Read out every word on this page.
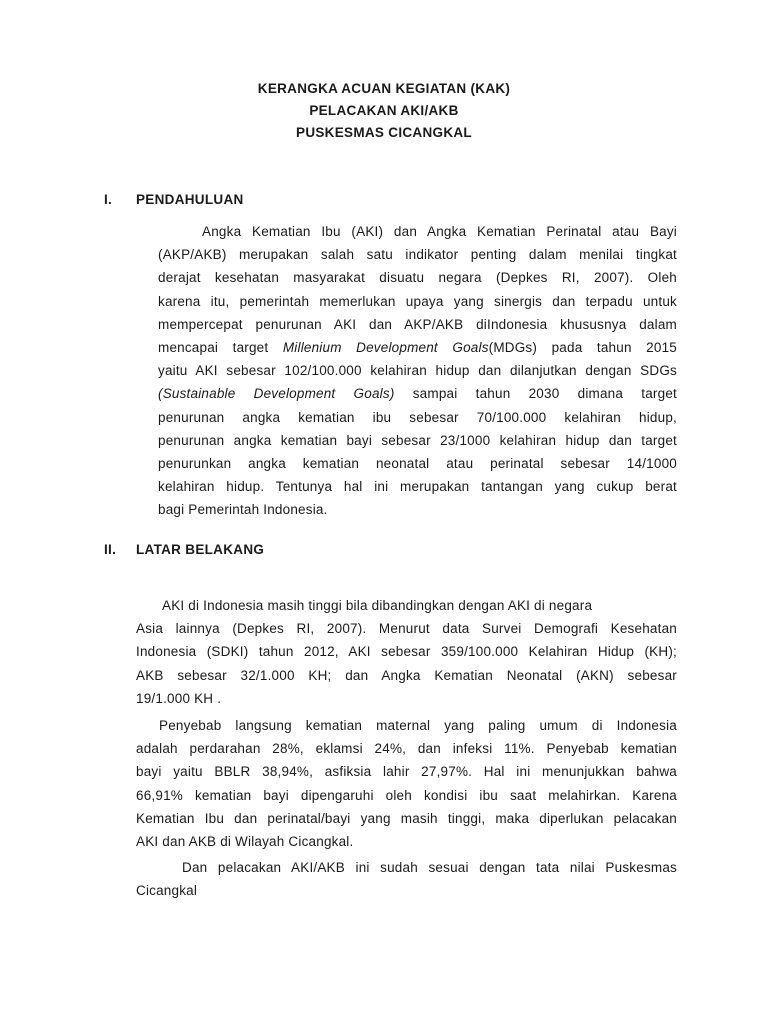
KERANGKA ACUAN KEGIATAN (KAK)
PELACAKAN AKI/AKB
PUSKESMAS CICANGKAL
I.	PENDAHULUAN
Angka Kematian Ibu (AKI) dan Angka Kematian Perinatal atau Bayi
(AKP/AKB) merupakan salah satu indikator penting dalam menilai tingkat
derajat kesehatan masyarakat disuatu negara (Depkes RI, 2007). Oleh
karena itu, pemerintah memerlukan upaya yang sinergis dan terpadu untuk
mempercepat penurunan AKI dan AKP/AKB diIndonesia khususnya dalam
mencapai target Millenium Development Goals(MDGs) pada tahun 2015
yaitu AKI sebesar 102/100.000 kelahiran hidup dan dilanjutkan dengan SDGs
(Sustainable Development Goals) sampai tahun 2030 dimana target
penurunan angka kematian ibu sebesar 70/100.000 kelahiran hidup,
penurunan angka kematian bayi sebesar 23/1000 kelahiran hidup dan target
penurunkan angka kematian neonatal atau perinatal sebesar 14/1000
kelahiran hidup. Tentunya hal ini merupakan tantangan yang cukup berat
bagi Pemerintah Indonesia.
II.	LATAR BELAKANG
AKI di Indonesia masih tinggi bila dibandingkan dengan AKI di negara
Asia lainnya (Depkes RI, 2007). Menurut data Survei Demografi Kesehatan
Indonesia (SDKI) tahun 2012, AKI sebesar 359/100.000 Kelahiran Hidup (KH);
AKB sebesar 32/1.000 KH; dan Angka Kematian Neonatal (AKN) sebesar
19/1.000 KH .
Penyebab langsung kematian maternal yang paling umum di Indonesia
adalah perdarahan 28%, eklamsi 24%, dan infeksi 11%. Penyebab kematian
bayi yaitu BBLR 38,94%, asfiksia lahir 27,97%. Hal ini menunjukkan bahwa
66,91% kematian bayi dipengaruhi oleh kondisi ibu saat melahirkan. Karena
Kematian Ibu dan perinatal/bayi yang masih tinggi, maka diperlukan pelacakan
AKI dan AKB di Wilayah Cicangkal.
Dan pelacakan AKI/AKB ini sudah sesuai dengan tata nilai Puskesmas
Cicangkal
